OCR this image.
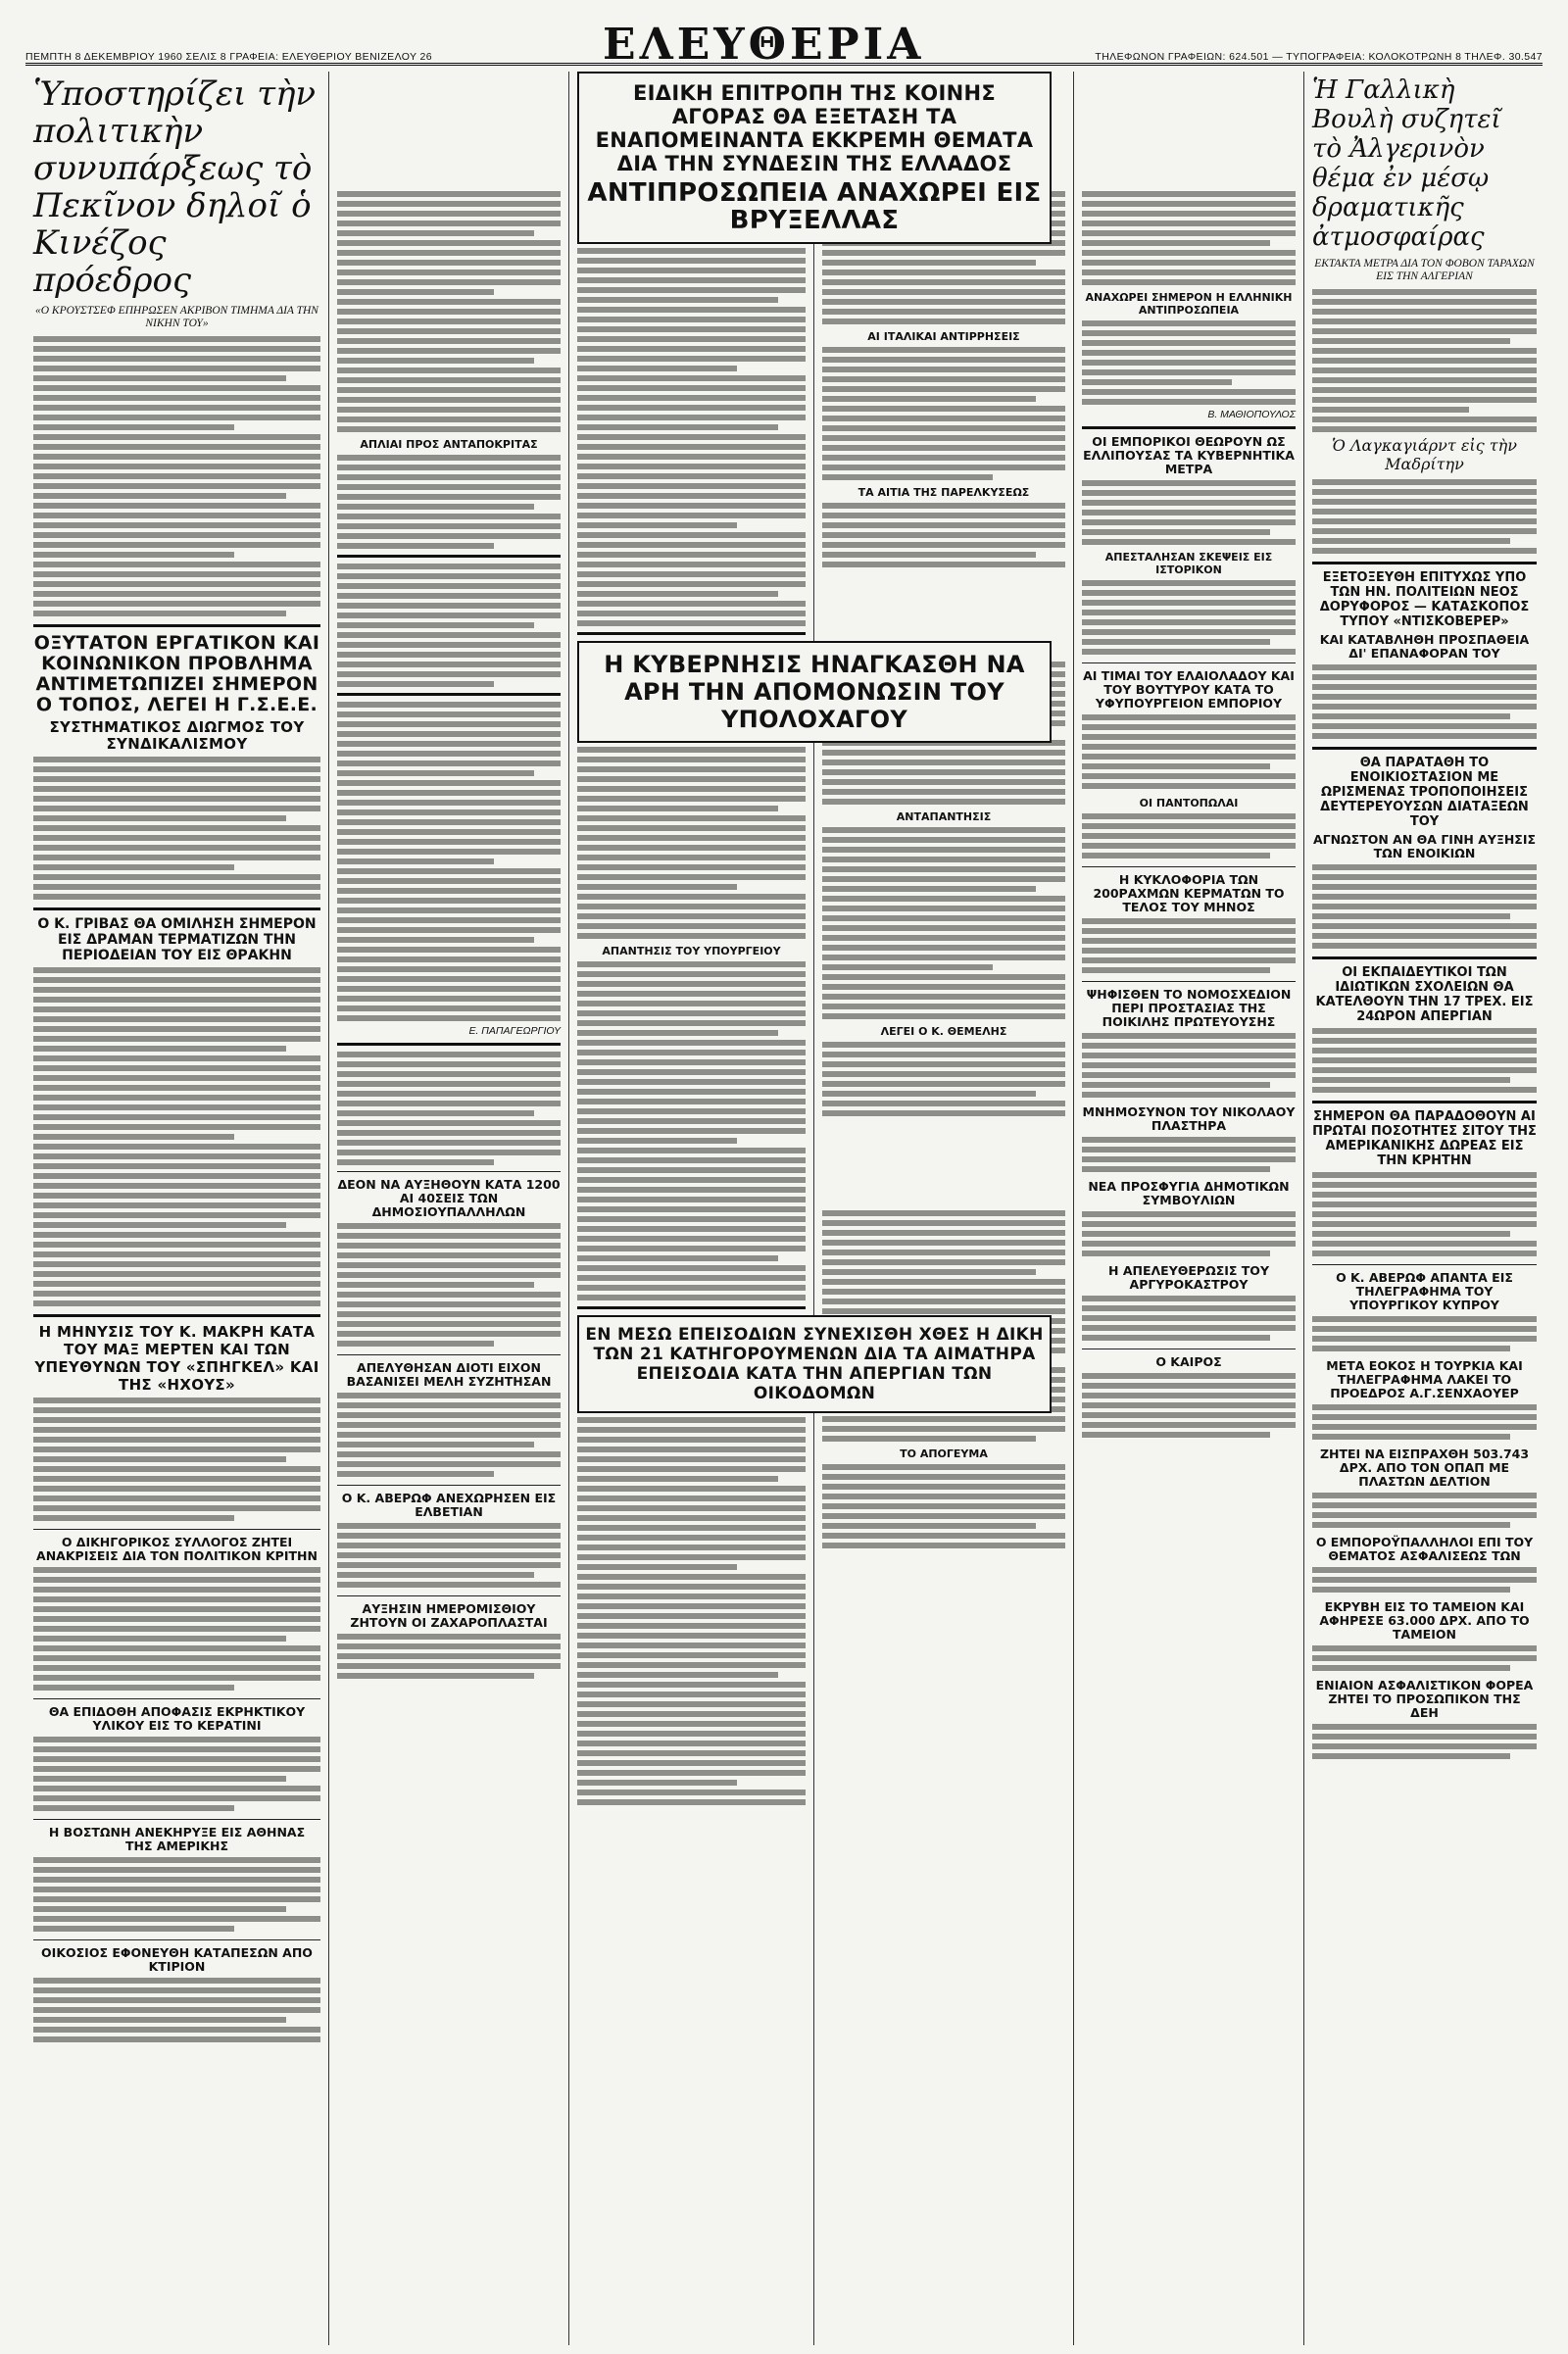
ΠΕΜΠΤΗ 8 ΔΕΚΕΜΒΡΙΟΥ 1960 ΣΕΛΙΣ 8 ΓΡΑΦΕΙΑ: ΕΛΕΥΘΕΡΙΟΥ ΒΕΝΙΖΕΛΟΥ 26	ΕΛΕΥΘΕΡΙΑ	ΤΗΛΕΦΩΝΟΝ ΓΡΑΦΕΙΩΝ: 624.501 — ΤΥΠΟΓΡΑΦΕΙΑ: ΚΟΛΟΚΟΤΡΩΝΗ 8 ΤΗΛΕΦ. 30.547
Ὑποστηρίζει τὴν πολιτικὴν συνυπάρξεως τὸ Πεκῖνον δηλοῖ ὁ Κινέζος πρόεδρος
«Ο ΚΡΟΥΣΤΣΕΦ ΕΠΗΡΩΣΕΝ ΑΚΡΙΒΟΝ ΤΙΜΗΜΑ ΔΙΑ ΤΗΝ ΝΙΚΗΝ ΤΟΥ»
ΟΞΥΤΑΤΟΝ ΕΡΓΑΤΙΚΟΝ ΚΑΙ ΚΟΙΝΩΝΙΚΟΝ ΠΡΟΒΛΗΜΑ ΑΝΤΙΜΕΤΩΠΙΖΕΙ ΣΗΜΕΡΟΝ Ο ΤΟΠΟΣ, ΛΕΓΕΙ Η Γ.Σ.Ε.Ε.
ΣΥΣΤΗΜΑΤΙΚΟΣ ΔΙΩΓΜΟΣ ΤΟΥ ΣΥΝΔΙΚΑΛΙΣΜΟΥ
Ο Κ. ΓΡΙΒΑΣ ΘΑ ΟΜΙΛΗΣΗ ΣΗΜΕΡΟΝ ΕΙΣ ΔΡΑΜΑΝ ΤΕΡΜΑΤΙΖΩΝ ΤΗΝ ΠΕΡΙΟΔΕΙΑΝ ΤΟΥ ΕΙΣ ΘΡΑΚΗΝ
Η ΜΗΝΥΣΙΣ ΤΟΥ Κ. ΜΑΚΡΗ ΚΑΤΑ ΤΟΥ ΜΑΞ ΜΕΡΤΕΝ ΚΑΙ ΤΩΝ ΥΠΕΥΘΥΝΩΝ ΤΟΥ «ΣΠΗΓΚΕΛ» ΚΑΙ ΤΗΣ «ΗΧΟΥΣ»
Ο ΔΙΚΗΓΟΡΙΚΟΣ ΣΥΛΛΟΓΟΣ ΖΗΤΕΙ ΑΝΑΚΡΙΣΕΙΣ ΔΙΑ ΤΟΝ ΠΟΛΙΤΙΚΟΝ ΚΡΙΤΗΝ
ΘΑ ΕΠΙΔΟΘΗ ΑΠΟΦΑΣΙΣ ΕΚΡΗΚΤΙΚΟΥ ΥΛΙΚΟΥ ΕΙΣ ΤΟ ΚΕΡΑΤΙΝΙ
Η ΒΟΣΤΩΝΗ ΑΝΕΚΗΡΥΞΕ ΕΙΣ ΑΘΗΝΑΣ ΤΗΣ ΑΜΕΡΙΚΗΣ
ΟΙΚΟΣΙΟΣ ΕΦΟΝΕΥΘΗ ΚΑΤΑΠΕΣΩΝ ΑΠΟ ΚΤΙΡΙΟΝ
ΑΠΛΙΑΙ ΠΡΟΣ ΑΝΤΑΠΟΚΡΙΤΑΣ
Ε. ΠΑΠΑΓΕΩΡΓΙΟΥ
ΔΕΟΝ ΝΑ ΑΥΞΗΘΟΥΝ ΚΑΤΑ 1200 ΑΙ 40ΣΕΙΣ ΤΩΝ ΔΗΜΟΣΙΟΥΠΑΛΛΗΛΩΝ
ΑΠΕΛΥΘΗΣΑΝ ΔΙΟΤΙ ΕΙΧΟΝ ΒΑΣΑΝΙΣΕΙ ΜΕΛΗ ΣΥΖΗΤΗΣΑΝ
Ο Κ. ΑΒΕΡΩΦ ΑΝΕΧΩΡΗΣΕΝ ΕΙΣ ΕΛΒΕΤΙΑΝ
ΑΥΞΗΣΙΝ ΗΜΕΡΟΜΙΣΘΙΟΥ ΖΗΤΟΥΝ ΟΙ ΖΑΧΑΡΟΠΛΑΣΤΑΙ
ΕΙΔΙΚΗ ΕΠΙΤΡΟΠΗ ΤΗΣ ΚΟΙΝΗΣ ΑΓΟΡΑΣ ΘΑ ΕΞΕΤΑΣΗ ΤΑ ΕΝΑΠΟΜΕΙΝΑΝΤΑ ΕΚΚΡΕΜΗ ΘΕΜΑΤΑ ΔΙΑ ΤΗΝ ΣΥΝΔΕΣΙΝ ΤΗΣ ΕΛΛΑΔΟΣ
ΑΝΤΙΠΡΟΣΩΠΕΙΑ ΑΝΑΧΩΡΕΙ ΕΙΣ ΒΡΥΞΕΛΛΑΣ
Η ΚΥΒΕΡΝΗΣΙΣ ΗΝΑΓΚΑΣΘΗ ΝΑ ΑΡΗ ΤΗΝ ΑΠΟΜΟΝΩΣΙΝ ΤΟΥ ΥΠΟΛΟΧΑΓΟΥ
ΑΠΑΝΤΗΣΙΣ ΤΟΥ ΥΠΟΥΡΓΕΙΟΥ
ΕΝ ΜΕΣΩ ΕΠΕΙΣΟΔΙΩΝ ΣΥΝΕΧΙΣΘΗ ΧΘΕΣ Η ΔΙΚΗ ΤΩΝ 21 ΚΑΤΗΓΟΡΟΥΜΕΝΩΝ ΔΙΑ ΤΑ ΑΙΜΑΤΗΡΑ ΕΠΕΙΣΟΔΙΑ ΚΑΤΑ ΤΗΝ ΑΠΕΡΓΙΑΝ ΤΩΝ ΟΙΚΟΔΟΜΩΝ
ΑΙ ΙΤΑΛΙΚΑΙ ΑΝΤΙΡΡΗΣΕΙΣ
ΤΑ ΑΙΤΙΑ ΤΗΣ ΠΑΡΕΛΚΥΣΕΩΣ
ΑΝΤΑΠΑΝΤΗΣΙΣ
ΛΕΓΕΙ Ο Κ. ΘΕΜΕΛΗΣ
ΤΟ ΑΠΟΓΕΥΜΑ
ΑΝΑΧΩΡΕΙ ΣΗΜΕΡΟΝ Η ΕΛΛΗΝΙΚΗ ΑΝΤΙΠΡΟΣΩΠΕΙΑ
Β. ΜΑΘΙΟΠΟΥΛΟΣ
ΟΙ ΕΜΠΟΡΙΚΟΙ ΘΕΩΡΟΥΝ ΩΣ ΕΛΛΙΠΟΥΣΑΣ ΤΑ ΚΥΒΕΡΝΗΤΙΚΑ ΜΕΤΡΑ
ΑΠΕΣΤΑΛΗΣΑΝ ΣΚΕΨΕΙΣ ΕΙΣ ΙΣΤΟΡΙΚΟΝ
ΑΙ ΤΙΜΑΙ ΤΟΥ ΕΛΑΙΟΛΑΔΟΥ ΚΑΙ ΤΟΥ ΒΟΥΤΥΡΟΥ ΚΑΤΑ ΤΟ ΥΦΥΠΟΥΡΓΕΙΟΝ ΕΜΠΟΡΙΟΥ
ΟΙ ΠΑΝΤΟΠΩΛΑΙ
Η ΚΥΚΛΟΦΟΡΙΑ ΤΩΝ 200ΡΑΧΜΩΝ ΚΕΡΜΑΤΩΝ ΤΟ ΤΕΛΟΣ ΤΟΥ ΜΗΝΟΣ
ΨΗΦΙΣΘΕΝ ΤΟ ΝΟΜΟΣΧΕΔΙΟΝ ΠΕΡΙ ΠΡΟΣΤΑΣΙΑΣ ΤΗΣ ΠΟΙΚΙΛΗΣ ΠΡΩΤΕΥΟΥΣΗΣ
ΜΝΗΜΟΣΥΝΟΝ ΤΟΥ ΝΙΚΟΛΑΟΥ ΠΛΑΣΤΗΡΑ
ΝΕΑ ΠΡΟΣΦΥΓΙΑ ΔΗΜΟΤΙΚΩΝ ΣΥΜΒΟΥΛΙΩΝ
Η ΑΠΕΛΕΥΘΕΡΩΣΙΣ ΤΟΥ ΑΡΓΥΡΟΚΑΣΤΡΟΥ
Ο ΚΑΙΡΟΣ
Ἡ Γαλλικὴ Βουλὴ συζητεῖ τὸ Ἀλγερινὸν θέμα ἐν μέσῳ δραματικῆς ἀτμοσφαίρας
ΕΚΤΑΚΤΑ ΜΕΤΡΑ ΔΙΑ ΤΟΝ ΦΟΒΟΝ ΤΑΡΑΧΩΝ ΕΙΣ ΤΗΝ ΑΛΓΕΡΙΑΝ
Ὁ Λαγκαγιάρντ εἰς τὴν Μαδρίτην
ΕΞΕΤΟΞΕΥΘΗ ΕΠΙΤΥΧΩΣ ΥΠΟ ΤΩΝ ΗΝ. ΠΟΛΙΤΕΙΩΝ ΝΕΟΣ ΔΟΡΥΦΟΡΟΣ — ΚΑΤΑΣΚΟΠΟΣ ΤΥΠΟΥ «ΝΤΙΣΚΟΒΕΡΕΡ»
ΚΑΙ ΚΑΤΑΒΛΗΘΗ ΠΡΟΣΠΑΘΕΙΑ ΔΙ' ΕΠΑΝΑΦΟΡΑΝ ΤΟΥ
ΘΑ ΠΑΡΑΤΑΘΗ ΤΟ ΕΝΟΙΚΙΟΣΤΑΣΙΟΝ ΜΕ ΩΡΙΣΜΕΝΑΣ ΤΡΟΠΟΠΟΙΗΣΕΙΣ ΔΕΥΤΕΡΕΥΟΥΣΩΝ ΔΙΑΤΑΞΕΩΝ ΤΟΥ
ΑΓΝΩΣΤΟΝ ΑΝ ΘΑ ΓΙΝΗ ΑΥΞΗΣΙΣ ΤΩΝ ΕΝΟΙΚΙΩΝ
ΟΙ ΕΚΠΑΙΔΕΥΤΙΚΟΙ ΤΩΝ ΙΔΙΩΤΙΚΩΝ ΣΧΟΛΕΙΩΝ ΘΑ ΚΑΤΕΛΘΟΥΝ ΤΗΝ 17 ΤΡΕΧ. ΕΙΣ 24ΩΡΟΝ ΑΠΕΡΓΙΑΝ
ΣΗΜΕΡΟΝ ΘΑ ΠΑΡΑΔΟΘΟΥΝ ΑΙ ΠΡΩΤΑΙ ΠΟΣΟΤΗΤΕΣ ΣΙΤΟΥ ΤΗΣ ΑΜΕΡΙΚΑΝΙΚΗΣ ΔΩΡΕΑΣ ΕΙΣ ΤΗΝ ΚΡΗΤΗΝ
Ο Κ. ΑΒΕΡΩΦ ΑΠΑΝΤΑ ΕΙΣ ΤΗΛΕΓΡΑΦΗΜΑ ΤΟΥ ΥΠΟΥΡΓΙΚΟΥ ΚΥΠΡΟΥ
ΜΕΤΑ ΕΟΚΟΣ Η ΤΟΥΡΚΙΑ ΚΑΙ ΤΗΛΕΓΡΑΦΗΜΑ ΛΑΚΕΙ ΤΟ ΠΡΟΕΔΡΟΣ Α.Γ.ΣΕΝΧΑΟΥΕΡ
ΖΗΤΕΙ ΝΑ ΕΙΣΠΡΑΧΘΗ 503.743 ΔΡΧ. ΑΠΟ ΤΟΝ ΟΠΑΠ ΜΕ ΠΛΑΣΤΩΝ ΔΕΛΤΙΟΝ
Ο ΕΜΠΟΡΟΫΠΑΛΛΗΛΟΙ ΕΠΙ ΤΟΥ ΘΕΜΑΤΟΣ ΑΣΦΑΛΙΣΕΩΣ ΤΩΝ
ΕΚΡΥΒΗ ΕΙΣ ΤΟ ΤΑΜΕΙΟΝ ΚΑΙ ΑΦΗΡΕΣΕ 63.000 ΔΡΧ. ΑΠΟ ΤΟ ΤΑΜΕΙΟΝ
ΕΝΙΑΙΟΝ ΑΣΦΑΛΙΣΤΙΚΟΝ ΦΟΡΕΑ ΖΗΤΕΙ ΤΟ ΠΡΟΣΩΠΙΚΟΝ ΤΗΣ ΔΕΗ
